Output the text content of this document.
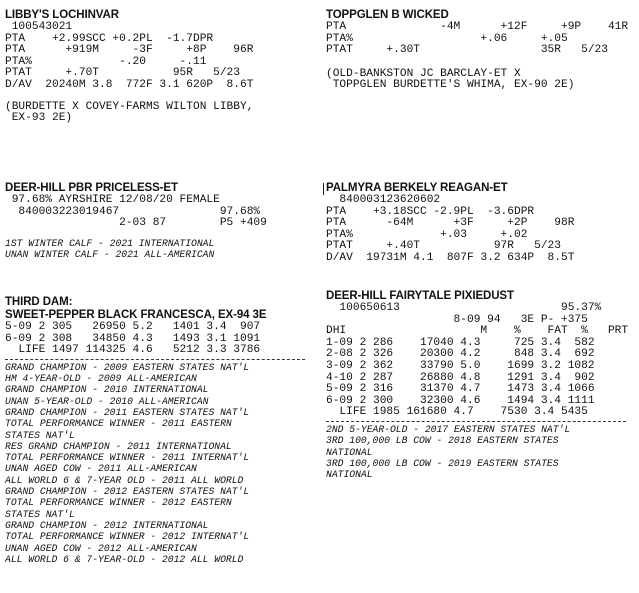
LIBBY'S LOCHINVAR
100543021
PTA    +2.99SCC +0.2PL  -1.7DPR
PTA      +919M     -3F     +8P    96R
PTA%             -.20     -.11
PTAT     +.70T           95R   5/23
D/AV  20240M 3.8  772F 3.1 620P  8.6T
(BURDETTE X COVEY-FARMS WILTON LIBBY,
EX-93 2E)
DEER-HILL PBR PRICELESS-ET
97.68% AYRSHIRE 12/08/20 FEMALE
840003223019467               97.68%
2-03 87        P5 +409
1ST WINTER CALF - 2021 INTERNATIONAL
UNAN WINTER CALF - 2021 ALL-AMERICAN
THIRD DAM:
SWEET-PEPPER BLACK FRANCESCA, EX-94 3E
5-09 2 305   26950 5.2   1401 3.4  907
6-09 2 308   34850 4.3   1493 3.1 1091
LIFE 1497 114325 4.6   5212 3.3 3786
GRAND CHAMPION - 2009 EASTERN STATES NAT'L
HM 4-YEAR-OLD - 2009 ALL-AMERICAN
GRAND CHAMPION - 2010 INTERNATIONAL
UNAN 5-YEAR-OLD - 2010 ALL-AMERICAN
GRAND CHAMPION - 2011 EASTERN STATES NAT'L
TOTAL PERFORMANCE WINNER - 2011 EASTERN
STATES NAT'L
RES GRAND CHAMPION - 2011 INTERNATIONAL
TOTAL PERFORMANCE WINNER - 2011 INTERNAT'L
UNAN AGED COW - 2011 ALL-AMERICAN
ALL WORLD 6 & 7-YEAR OLD - 2011 ALL WORLD
GRAND CHAMPION - 2012 EASTERN STATES NAT'L
TOTAL PERFORMANCE WINNER - 2012 EASTERN
STATES NAT'L
GRAND CHAMPION - 2012 INTERNATIONAL
TOTAL PERFORMANCE WINNER - 2012 INTERNAT'L
UNAN AGED COW - 2012 ALL-AMERICAN
ALL WORLD 6 & 7-YEAR-OLD - 2012 ALL WORLD
TOPPGLEN B WICKED
PTA              -4M      +12F     +9P    41R
PTA%                   +.06     +.05
PTAT     +.30T                  35R   5/23
(OLD-BANKSTON JC BARCLAY-ET X
TOPPGLEN BURDETTE'S WHIMA, EX-90 2E)
PALMYRA BERKELY REAGAN-ET
840003123620602
PTA    +3.18SCC -2.9PL  -3.6DPR
PTA      -64M      +3F     +2P    98R
PTA%             +.03     +.02
PTAT     +.40T           97R   5/23
D/AV  19731M 4.1  807F 3.2 634P  8.5T
DEER-HILL FAIRYTALE PIXIEDUST
100650613                        95.37%
8-09 94   3E P- +375
DHI                    M    %    FAT  %   PRT
1-09 2 286    17040 4.3     725 3.4  582
2-08 2 326    20300 4.2     848 3.4  692
3-09 2 362    33790 5.0    1699 3.2 1082
4-10 2 287    26880 4.8    1291 3.4  902
5-09 2 316    31370 4.7    1473 3.4 1066
6-09 2 300    32300 4.6    1494 3.4 1111
LIFE 1985 161680 4.7    7530 3.4 5435
2ND 5-YEAR-OLD - 2017 EASTERN STATES NAT'L
3RD 100,000 LB COW - 2018 EASTERN STATES
NATIONAL
3RD 100,000 LB COW - 2019 EASTERN STATES
NATIONAL
